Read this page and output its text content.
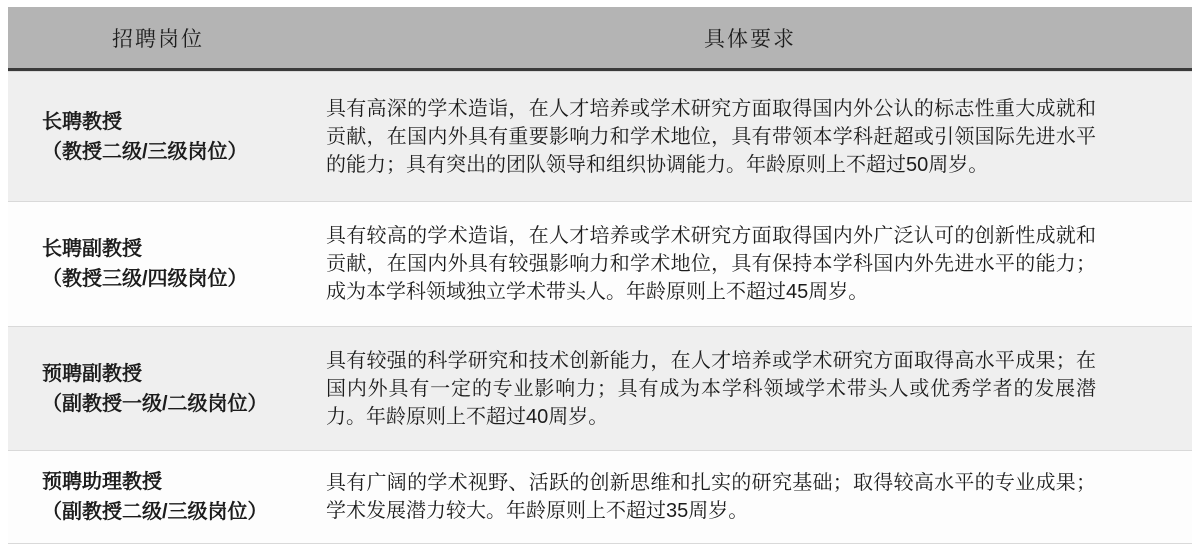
招聘岗位	具体要求
长聘教授
（教授二级/三级岗位）
具有高深的学术造诣，在人才培养或学术研究方面取得国内外公认的标志性重大成就和贡献，在国内外具有重要影响力和学术地位，具有带领本学科赶超或引领国际先进水平的能力；具有突出的团队领导和组织协调能力。年龄原则上不超过50周岁。
长聘副教授
（教授三级/四级岗位）
具有较高的学术造诣，在人才培养或学术研究方面取得国内外广泛认可的创新性成就和贡献，在国内外具有较强影响力和学术地位，具有保持本学科国内外先进水平的能力；成为本学科领域独立学术带头人。年龄原则上不超过45周岁。
预聘副教授
（副教授一级/二级岗位）
具有较强的科学研究和技术创新能力，在人才培养或学术研究方面取得高水平成果；在国内外具有一定的专业影响力；具有成为本学科领域学术带头人或优秀学者的发展潜力。年龄原则上不超过40周岁。
预聘助理教授
（副教授二级/三级岗位）
具有广阔的学术视野、活跃的创新思维和扎实的研究基础；取得较高水平的专业成果；学术发展潜力较大。年龄原则上不超过35周岁。
